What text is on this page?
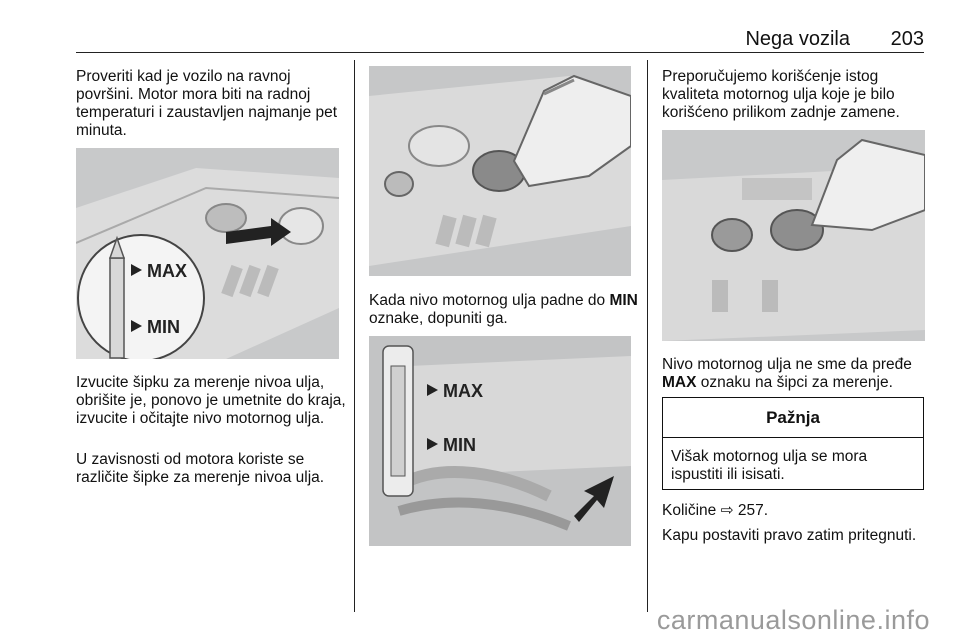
Nega vozila 203
Proveriti kad je vozilo na ravnoj površini. Motor mora biti na radnoj temperaturi i zaustavljen najmanje pet minuta.
MAX
MIN
Izvucite šipku za merenje nivoa ulja, obrišite je, ponovo je umetnite do kraja, izvucite i očitajte nivo motornog ulja.
U zavisnosti od motora koriste se različite šipke za merenje nivoa ulja.
Kada nivo motornog ulja padne do MIN oznake, dopuniti ga.
MAX
MIN
Preporučujemo korišćenje istog kvaliteta motornog ulja koje je bilo korišćeno prilikom zadnje zamene.
Nivo motornog ulja ne sme da pređe MAX oznaku na šipci za merenje.
Pažnja
Višak motornog ulja se mora ispustiti ili isisati.
Količine ⇨ 257.
Kapu postaviti pravo zatim pritegnuti.
carmanualsonline.info
